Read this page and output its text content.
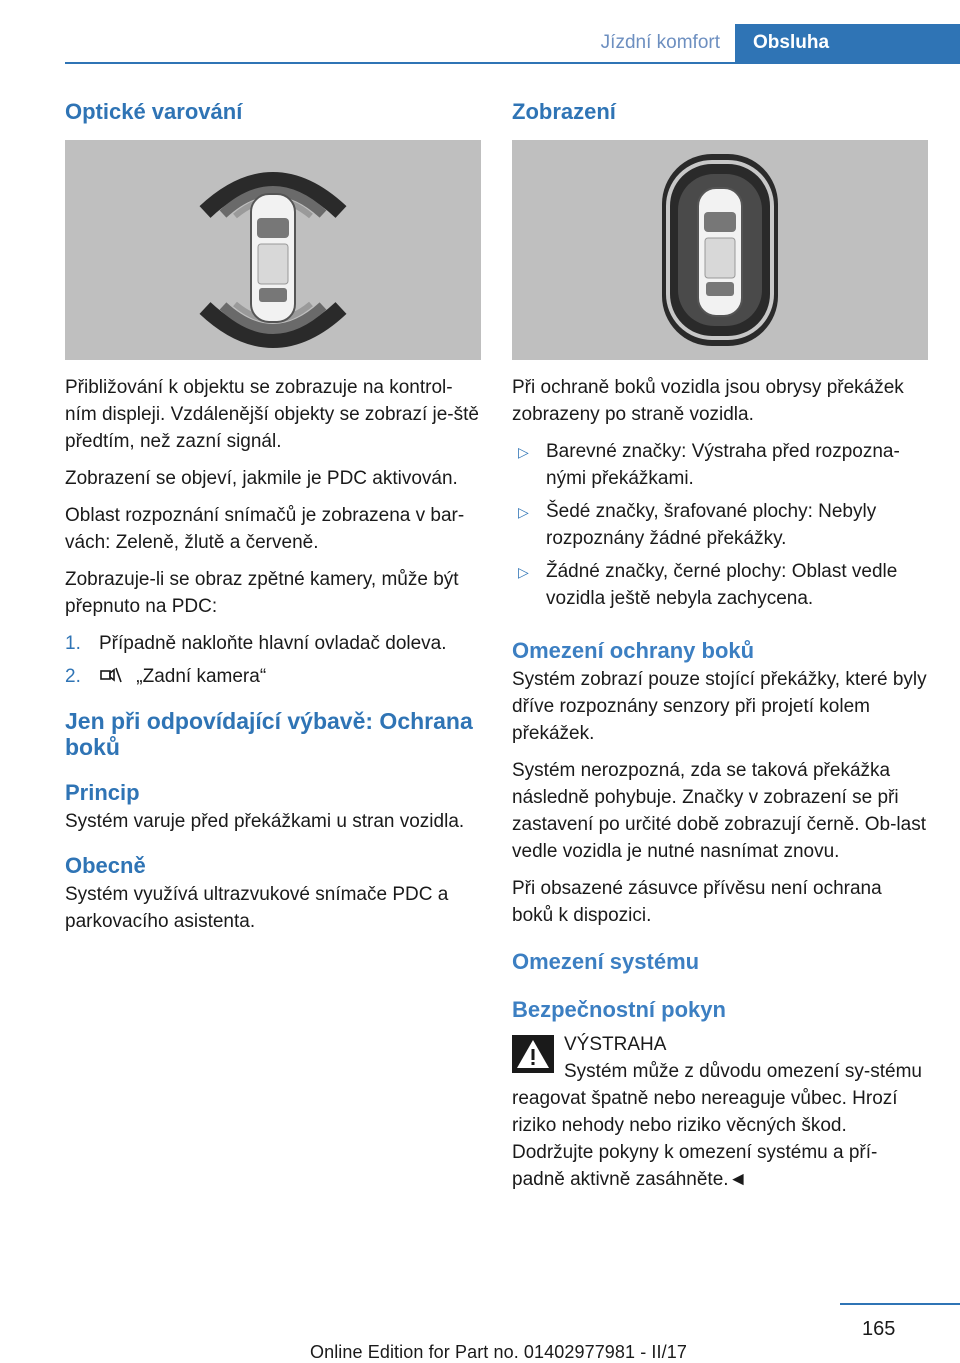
Jízdní komfort	Obsluha
Optické varování

Přibližování k objektu se zobrazuje na kontrol-ním displeji. Vzdálenější objekty se zobrazí je-ště předtím, než zazní signál.

Zobrazení se objeví, jakmile je PDC aktivován.

Oblast rozpoznání snímačů je zobrazena v bar-vách: Zeleně, žlutě a červeně.

Zobrazuje-li se obraz zpětné kamery, může být přepnuto na PDC:

1. Případně nakloňte hlavní ovladač doleva.
2.	„Zadní kamera“
Jen při odpovídající výbavě: Ochrana boků
Princip

Systém varuje před překážkami u stran vozidla.

Obecně

Systém využívá ultrazvukové snímače PDC a parkovacího asistenta.

Zobrazení

Při ochraně boků vozidla jsou obrysy překážek zobrazeny po straně vozidla.

▷ Barevné značky: Výstraha před rozpozna-nými překážkami.
▷ Šedé značky, šrafované plochy: Nebyly rozpoznány žádné překážky.
▷ Žádné značky, černé plochy: Oblast vedle vozidla ještě nebyla zachycena.
Omezení ochrany boků

Systém zobrazí pouze stojící překážky, které byly dříve rozpoznány senzory při projetí kolem překážek.

Systém nerozpozná, zda se taková překážka následně pohybuje. Značky v zobrazení se při zastavení po určité době zobrazují černě. Ob-last vedle vozidla je nutné nasnímat znovu.

Při obsazené zásuvce přívěsu není ochrana boků k dispozici.

Omezení systému
Bezpečnostní pokyn
VÝSTRAHA

Systém může z důvodu omezení sy-stému reagovat špatně nebo nereaguje vůbec. Hrozí riziko nehody nebo riziko věcných škod. Dodržujte pokyny k omezení systému a pří-padně aktivně zasáhněte.◄

165
Online Edition for Part no. 01402977981 - II/17
